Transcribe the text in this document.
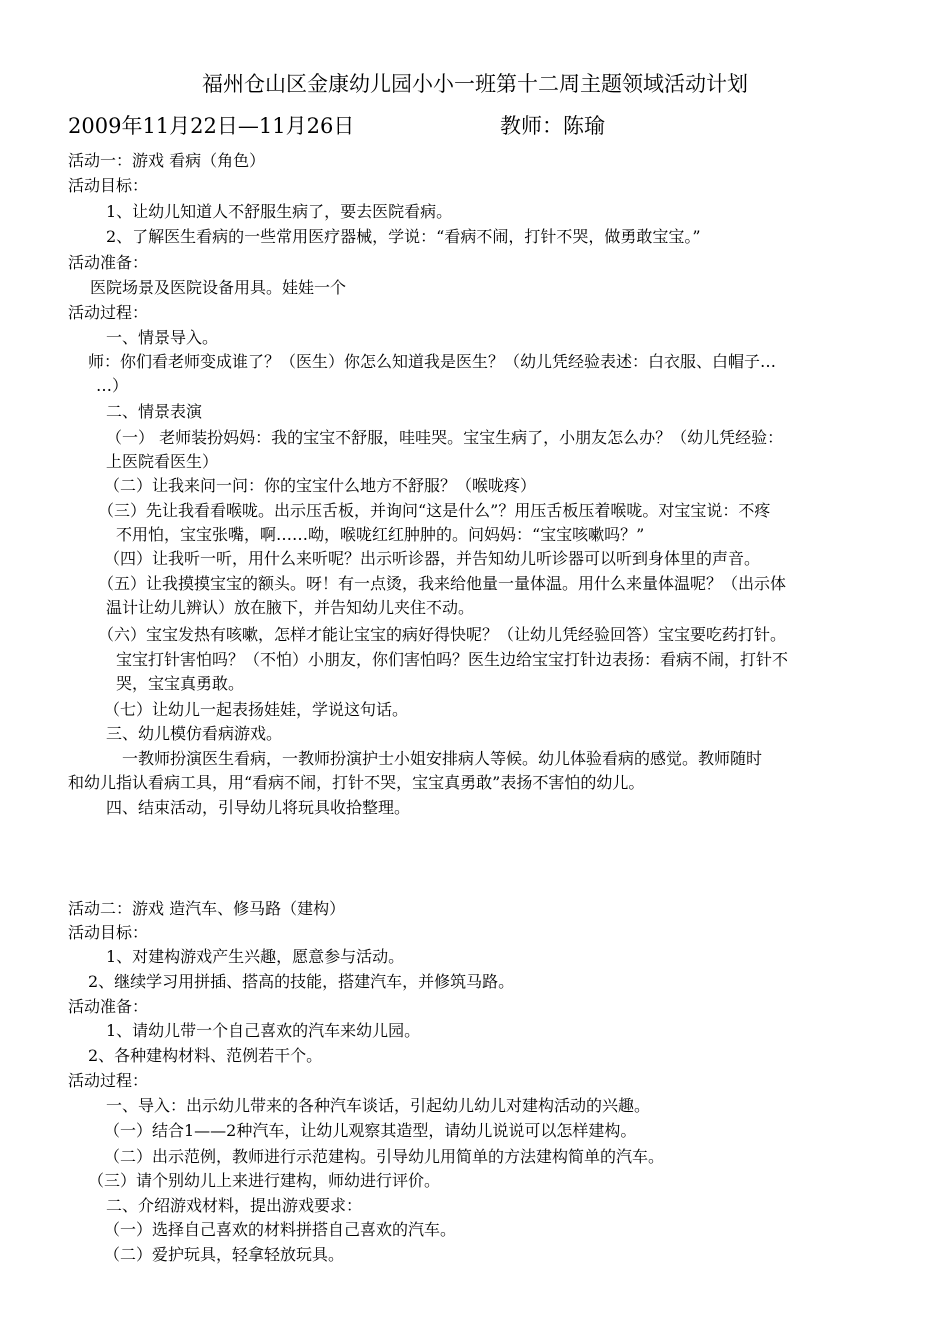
福州仓山区金康幼儿园小小一班第十二周主题领域活动计划
2009年11月22日—11月26日	教师：陈瑜
活动一：游戏 看病（角色）
活动目标：
1、让幼儿知道人不舒服生病了，要去医院看病。
2、了解医生看病的一些常用医疗器械，学说：“看病不闹，打针不哭，做勇敢宝宝。”
活动准备：
医院场景及医院设备用具。娃娃一个
活动过程：
一、情景导入。
师：你们看老师变成谁了？（医生）你怎么知道我是医生？（幼儿凭经验表述：白衣服、白帽子…
…）
二、情景表演
（一） 老师装扮妈妈：我的宝宝不舒服，哇哇哭。宝宝生病了，小朋友怎么办？（幼儿凭经验：
上医院看医生）
（二）让我来问一问：你的宝宝什么地方不舒服？（喉咙疼）
（三）先让我看看喉咙。出示压舌板，并询问“这是什么”？用压舌板压着喉咙。对宝宝说：不疼
不用怕，宝宝张嘴，啊……呦，喉咙红红肿肿的。问妈妈：“宝宝咳嗽吗？”
（四）让我听一听，用什么来听呢？出示听诊器，并告知幼儿听诊器可以听到身体里的声音。
（五）让我摸摸宝宝的额头。呀！有一点烫，我来给他量一量体温。用什么来量体温呢？（出示体
温计让幼儿辨认）放在腋下，并告知幼儿夹住不动。
（六）宝宝发热有咳嗽，怎样才能让宝宝的病好得快呢？（让幼儿凭经验回答）宝宝要吃药打针。
宝宝打针害怕吗？（不怕）小朋友，你们害怕吗？医生边给宝宝打针边表扬：看病不闹，打针不
哭，宝宝真勇敢。
（七）让幼儿一起表扬娃娃，学说这句话。
三、幼儿模仿看病游戏。
一教师扮演医生看病，一教师扮演护士小姐安排病人等候。幼儿体验看病的感觉。教师随时
和幼儿指认看病工具，用“看病不闹，打针不哭，宝宝真勇敢”表扬不害怕的幼儿。
四、结束活动，引导幼儿将玩具收拾整理。
活动二：游戏 造汽车、修马路（建构）
活动目标：
1、对建构游戏产生兴趣，愿意参与活动。
2、继续学习用拼插、搭高的技能，搭建汽车，并修筑马路。
活动准备：
1、请幼儿带一个自己喜欢的汽车来幼儿园。
2、各种建构材料、范例若干个。
活动过程：
一、导入：出示幼儿带来的各种汽车谈话，引起幼儿幼儿对建构活动的兴趣。
（一）结合1——2种汽车，让幼儿观察其造型，请幼儿说说可以怎样建构。
（二）出示范例，教师进行示范建构。引导幼儿用简单的方法建构简单的汽车。
（三）请个别幼儿上来进行建构，师幼进行评价。
二、介绍游戏材料，提出游戏要求：
（一）选择自己喜欢的材料拼搭自己喜欢的汽车。
（二）爱护玩具，轻拿轻放玩具。
